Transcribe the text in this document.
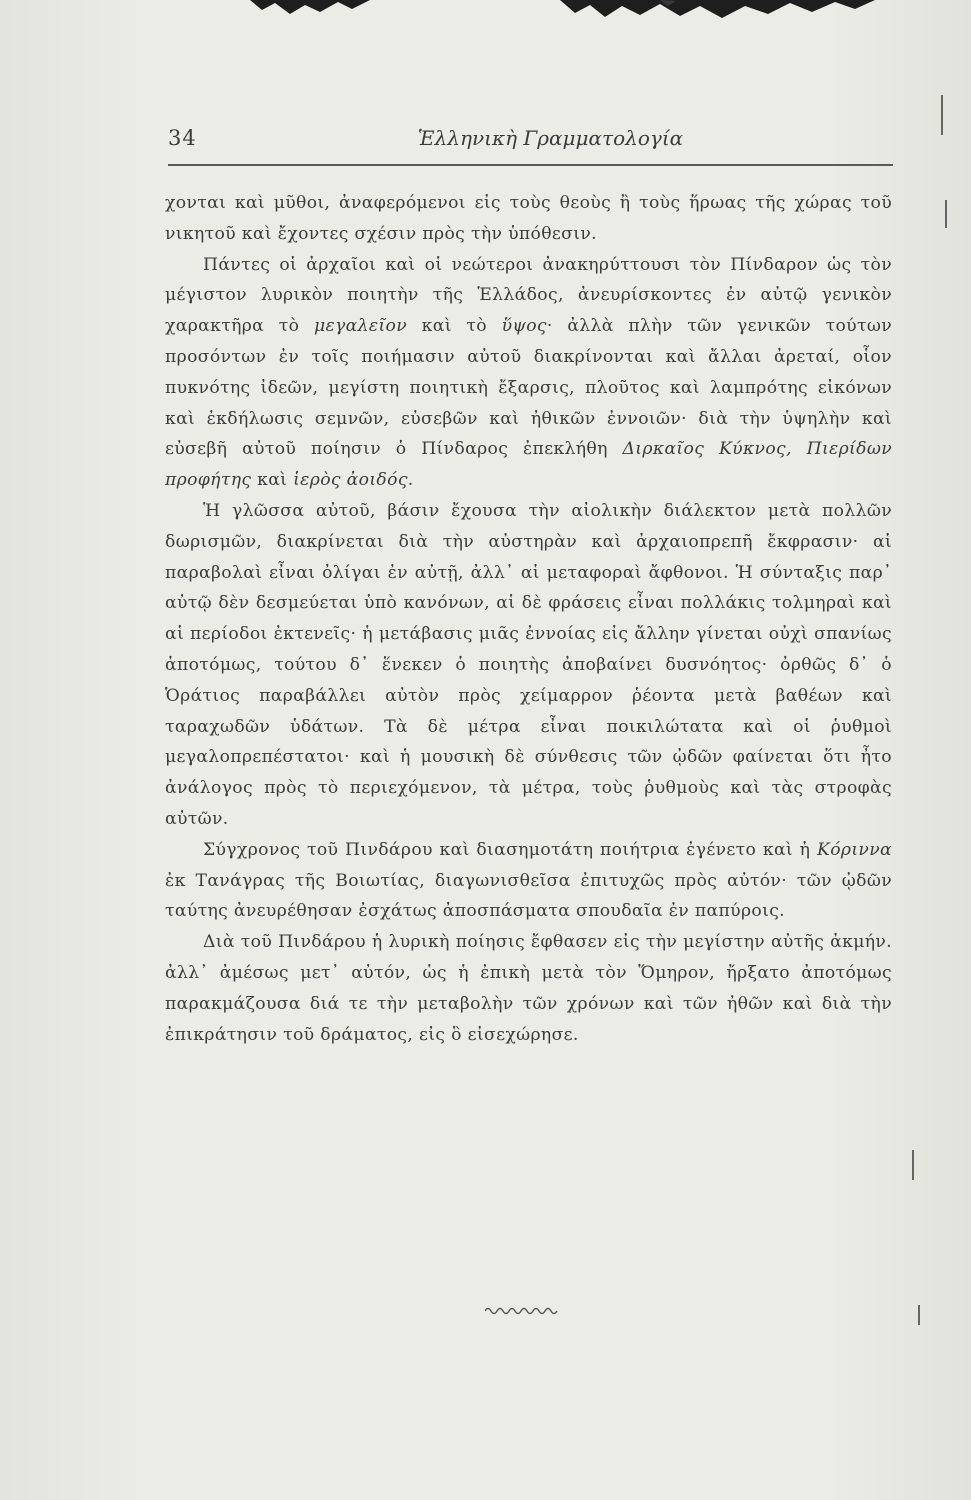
34	Ἑλληνικὴ Γραμματολογία

χονται καὶ μῦθοι, ἀναφερόμενοι εἰς τοὺς θεοὺς ἢ τοὺς ἥρωας τῆς χώρας τοῦ νικητοῦ καὶ ἔχοντες σχέσιν πρὸς τὴν ὑπόθεσιν.

Πάντες οἱ ἀρχαῖοι καὶ οἱ νεώτεροι ἀνακηρύττουσι τὸν Πίνδαρον ὡς τὸν μέγιστον λυρικὸν ποιητὴν τῆς Ἑλλάδος, ἀνευρίσκοντες ἐν αὐτῷ γενικὸν χαρακτῆρα τὸ μεγαλεῖον καὶ τὸ ὕψος· ἀλλὰ πλὴν τῶν γενικῶν τούτων προσόντων ἐν τοῖς ποιήμασιν αὐτοῦ διακρίνονται καὶ ἄλλαι ἀρεταί, οἷον πυκνότης ἰδεῶν, μεγίστη ποιητικὴ ἔξαρσις, πλοῦτος καὶ λαμπρότης εἰκόνων καὶ ἐκδήλωσις σεμνῶν, εὐσεβῶν καὶ ἠθικῶν ἐννοιῶν· διὰ τὴν ὑψηλὴν καὶ εὐσεβῆ αὐτοῦ ποίησιν ὁ Πίνδαρος ἐπεκλήθη Διρκαῖος Κύκνος, Πιερίδων προφήτης καὶ ἱερὸς ἀοιδός.

Ἡ γλῶσσα αὐτοῦ, βάσιν ἔχουσα τὴν αἰολικὴν διάλεκτον μετὰ πολλῶν δωρισμῶν, διακρίνεται διὰ τὴν αὐστηρὰν καὶ ἀρχαιοπρεπῆ ἔκφρασιν· αἱ παραβολαὶ εἶναι ὀλίγαι ἐν αὐτῇ, ἀλλ᾿ αἱ μεταφοραὶ ἄφθονοι. Ἡ σύνταξις παρ᾿ αὐτῷ δὲν δεσμεύεται ὑπὸ κανόνων, αἱ δὲ φράσεις εἶναι πολλάκις τολμηραὶ καὶ αἱ περίοδοι ἐκτενεῖς· ἡ μετάβασις μιᾶς ἐννοίας εἰς ἄλλην γίνεται οὐχὶ σπανίως ἀποτόμως, τούτου δ᾿ ἕνεκεν ὁ ποιητὴς ἀποβαίνει δυσνόητος· ὀρθῶς δ᾿ ὁ Ὁράτιος παραβάλλει αὐτὸν πρὸς χείμαρρον ῥέοντα μετὰ βαθέων καὶ ταραχωδῶν ὑδάτων. Τὰ δὲ μέτρα εἶναι ποικιλώτατα καὶ οἱ ῥυθμοὶ μεγαλοπρεπέστατοι· καὶ ἡ μουσικὴ δὲ σύνθεσις τῶν ᾠδῶν φαίνεται ὅτι ἦτο ἀνάλογος πρὸς τὸ περιεχόμενον, τὰ μέτρα, τοὺς ῥυθμοὺς καὶ τὰς στροφὰς αὐτῶν.

Σύγχρονος τοῦ Πινδάρου καὶ διασημοτάτη ποιήτρια ἐγένετο καὶ ἡ Κόριννα ἐκ Τανάγρας τῆς Βοιωτίας, διαγωνισθεῖσα ἐπιτυχῶς πρὸς αὐτόν· τῶν ᾠδῶν ταύτης ἀνευρέθησαν ἐσχάτως ἀποσπάσματα σπουδαῖα ἐν παπύροις.

Διὰ τοῦ Πινδάρου ἡ λυρικὴ ποίησις ἔφθασεν εἰς τὴν μεγίστην αὐτῆς ἀκμήν. ἀλλ᾿ ἀμέσως μετ᾿ αὐτόν, ὡς ἡ ἐπικὴ μετὰ τὸν Ὅμηρον, ἤρξατο ἀποτόμως παρακμάζουσα διά τε τὴν μεταβολὴν τῶν χρόνων καὶ τῶν ἠθῶν καὶ διὰ τὴν ἐπικράτησιν τοῦ δράματος, εἰς ὃ εἰσεχώρησε.
